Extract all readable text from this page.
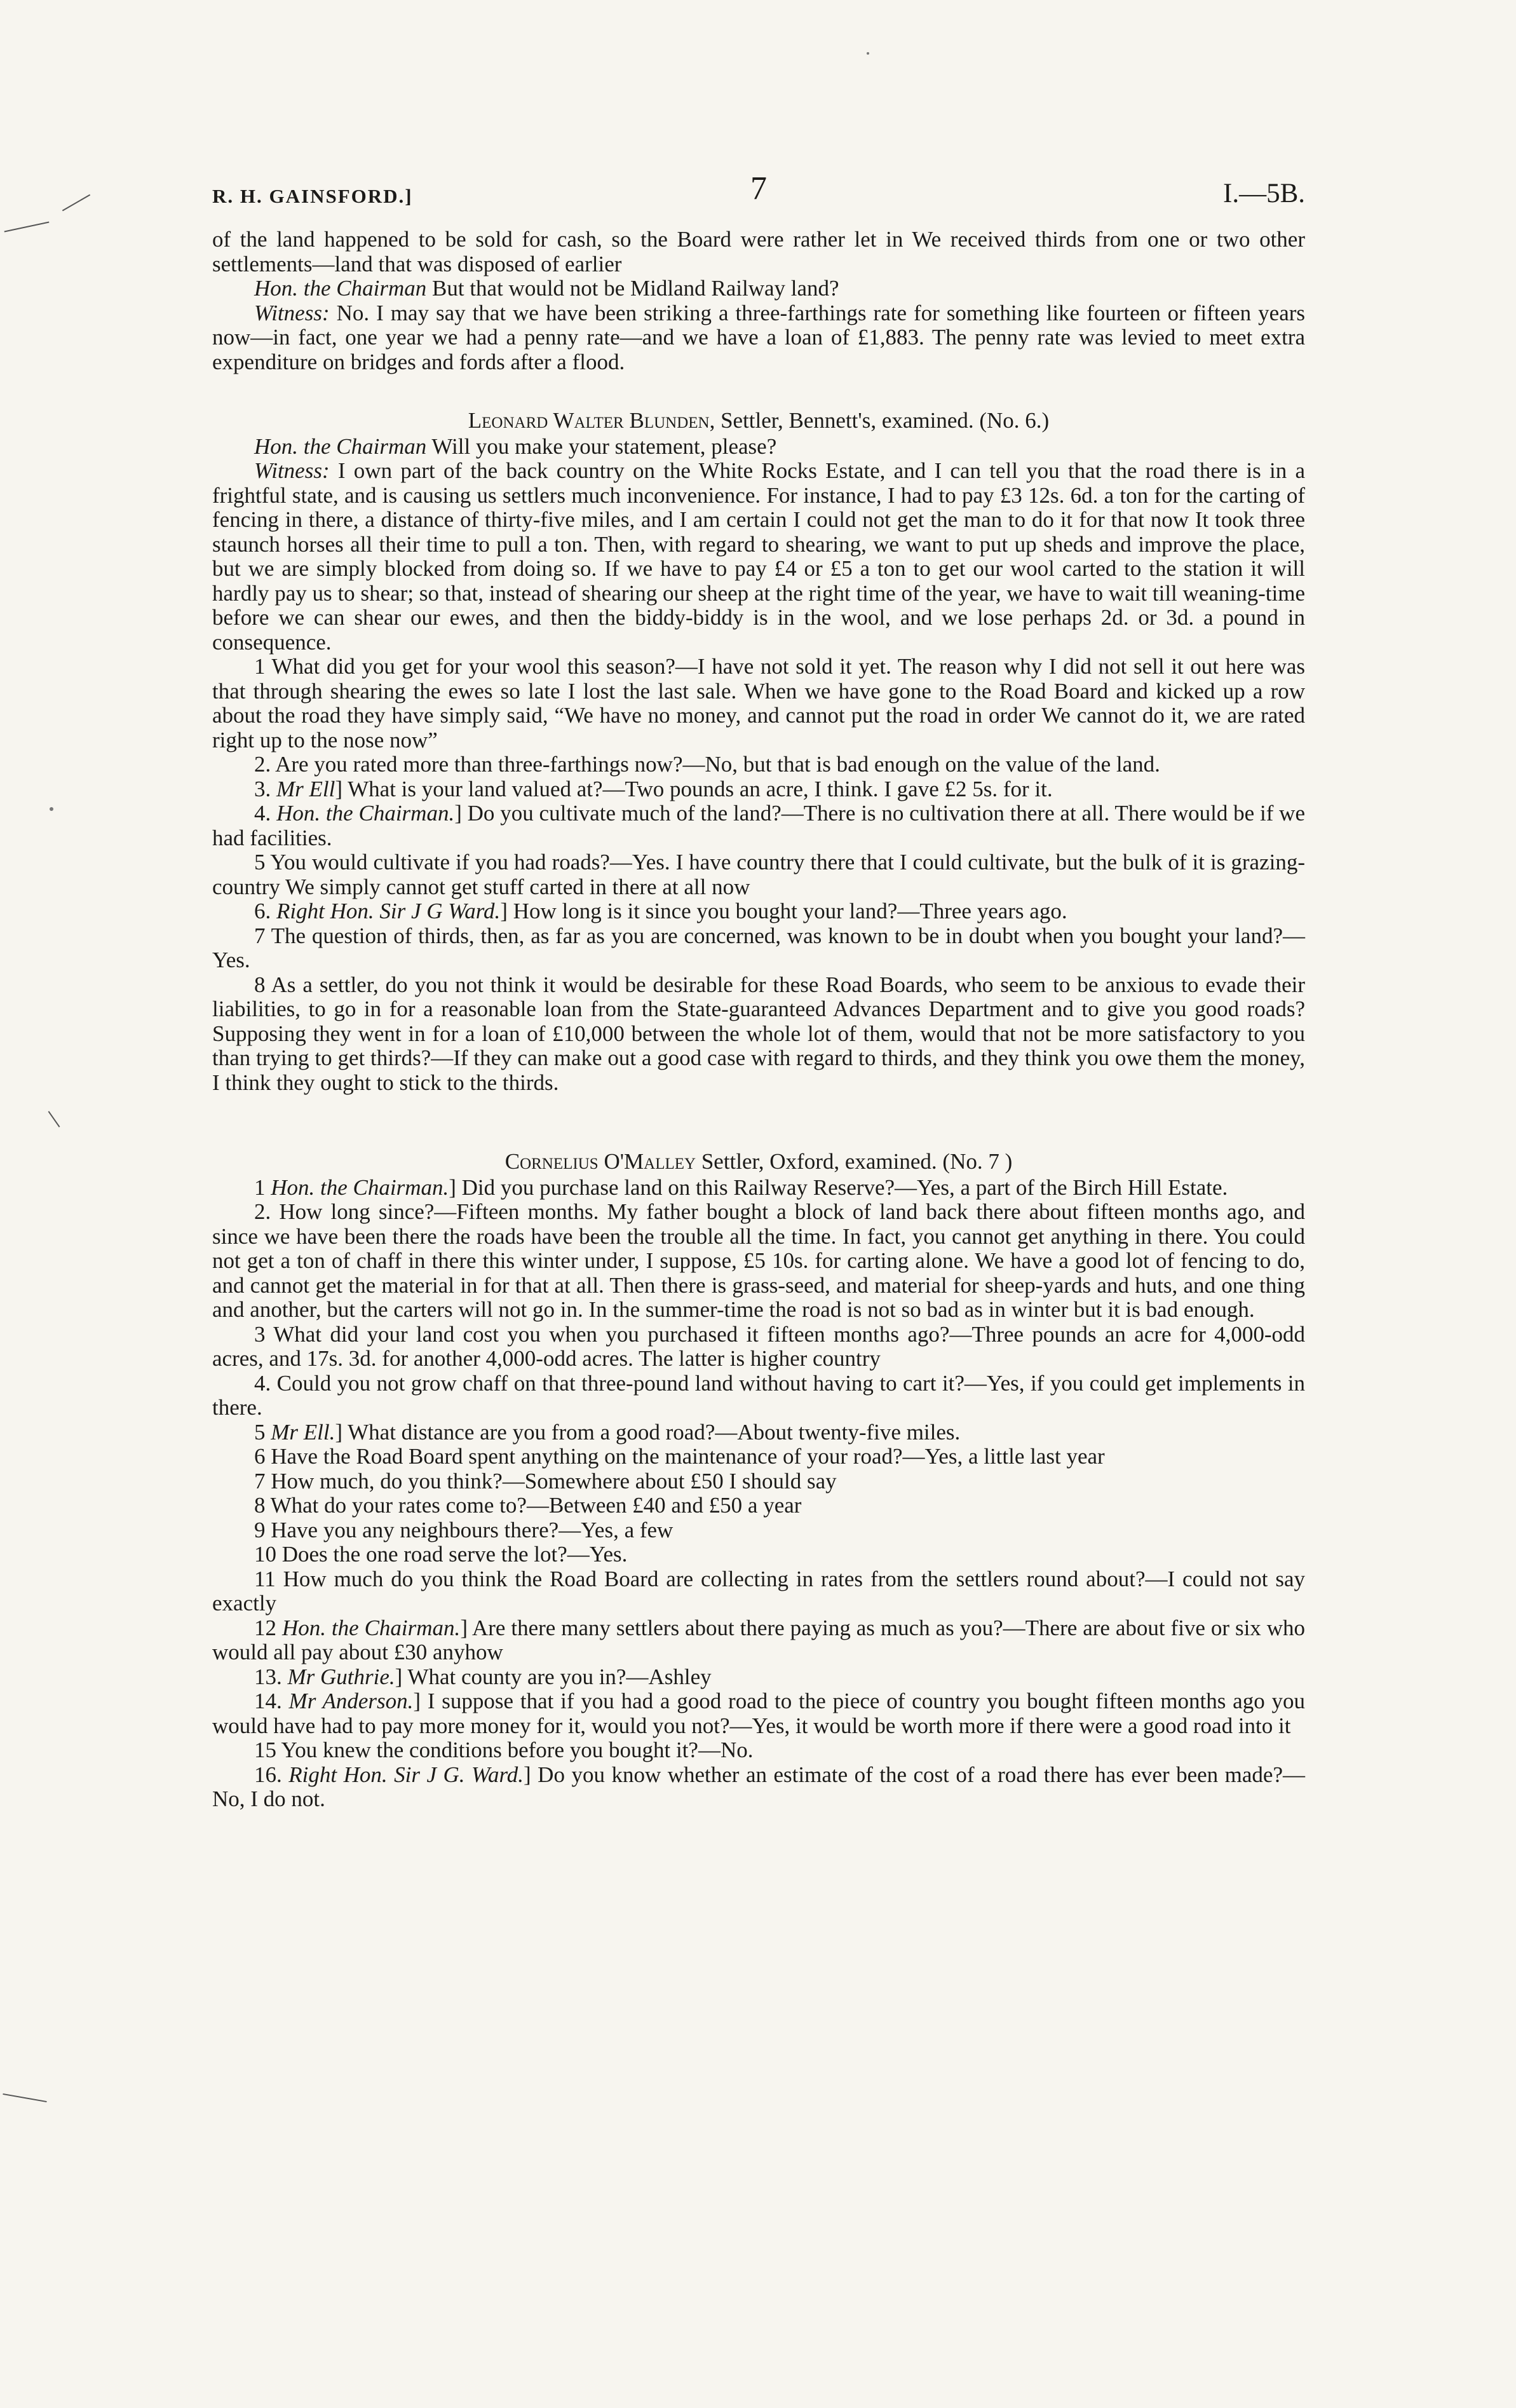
R. H. GAINSFORD.]	7	I.—5B.

of the land happened to be sold for cash, so the Board were rather let in We received thirds from one or two other settlements—land that was disposed of earlier

Hon. the Chairman But that would not be Midland Railway land?

Witness: No. I may say that we have been striking a three-farthings rate for something like fourteen or fifteen years now—in fact, one year we had a penny rate—and we have a loan of £1,883. The penny rate was levied to meet extra expenditure on bridges and fords after a flood.

Leonard Walter Blunden, Settler, Bennett's, examined. (No. 6.)

Hon. the Chairman Will you make your statement, please?

Witness: I own part of the back country on the White Rocks Estate, and I can tell you that the road there is in a frightful state, and is causing us settlers much inconvenience. For instance, I had to pay £3 12s. 6d. a ton for the carting of fencing in there, a distance of thirty-five miles, and I am certain I could not get the man to do it for that now It took three staunch horses all their time to pull a ton. Then, with regard to shearing, we want to put up sheds and improve the place, but we are simply blocked from doing so. If we have to pay £4 or £5 a ton to get our wool carted to the station it will hardly pay us to shear; so that, instead of shearing our sheep at the right time of the year, we have to wait till weaning-time before we can shear our ewes, and then the biddy-biddy is in the wool, and we lose perhaps 2d. or 3d. a pound in consequence.

1 What did you get for your wool this season?—I have not sold it yet. The reason why I did not sell it out here was that through shearing the ewes so late I lost the last sale. When we have gone to the Road Board and kicked up a row about the road they have simply said, “We have no money, and cannot put the road in order We cannot do it, we are rated right up to the nose now”

2. Are you rated more than three-farthings now?—No, but that is bad enough on the value of the land.

3. Mr Ell] What is your land valued at?—Two pounds an acre, I think. I gave £2 5s. for it.

4. Hon. the Chairman.] Do you cultivate much of the land?—There is no cultivation there at all. There would be if we had facilities.

5 You would cultivate if you had roads?—Yes. I have country there that I could cultivate, but the bulk of it is grazing-country We simply cannot get stuff carted in there at all now

6. Right Hon. Sir J G Ward.] How long is it since you bought your land?—Three years ago.

7 The question of thirds, then, as far as you are concerned, was known to be in doubt when you bought your land?—Yes.

8 As a settler, do you not think it would be desirable for these Road Boards, who seem to be anxious to evade their liabilities, to go in for a reasonable loan from the State-guaranteed Advances Department and to give you good roads? Supposing they went in for a loan of £10,000 between the whole lot of them, would that not be more satisfactory to you than trying to get thirds?—If they can make out a good case with regard to thirds, and they think you owe them the money, I think they ought to stick to the thirds.

Cornelius O'Malley Settler, Oxford, examined. (No. 7 )

1 Hon. the Chairman.] Did you purchase land on this Railway Reserve?—Yes, a part of the Birch Hill Estate.

2. How long since?—Fifteen months. My father bought a block of land back there about fifteen months ago, and since we have been there the roads have been the trouble all the time. In fact, you cannot get anything in there. You could not get a ton of chaff in there this winter under, I suppose, £5 10s. for carting alone. We have a good lot of fencing to do, and cannot get the material in for that at all. Then there is grass-seed, and material for sheep-yards and huts, and one thing and another, but the carters will not go in. In the summer-time the road is not so bad as in winter but it is bad enough.

3 What did your land cost you when you purchased it fifteen months ago?—Three pounds an acre for 4,000-odd acres, and 17s. 3d. for another 4,000-odd acres. The latter is higher country

4. Could you not grow chaff on that three-pound land without having to cart it?—Yes, if you could get implements in there.

5 Mr Ell.] What distance are you from a good road?—About twenty-five miles.

6 Have the Road Board spent anything on the maintenance of your road?—Yes, a little last year

7 How much, do you think?—Somewhere about £50 I should say

8 What do your rates come to?—Between £40 and £50 a year

9 Have you any neighbours there?—Yes, a few

10 Does the one road serve the lot?—Yes.

11 How much do you think the Road Board are collecting in rates from the settlers round about?—I could not say exactly

12 Hon. the Chairman.] Are there many settlers about there paying as much as you?—There are about five or six who would all pay about £30 anyhow

13. Mr Guthrie.] What county are you in?—Ashley

14. Mr Anderson.] I suppose that if you had a good road to the piece of country you bought fifteen months ago you would have had to pay more money for it, would you not?—Yes, it would be worth more if there were a good road into it

15 You knew the conditions before you bought it?—No.

16. Right Hon. Sir J G. Ward.] Do you know whether an estimate of the cost of a road there has ever been made?—No, I do not.
